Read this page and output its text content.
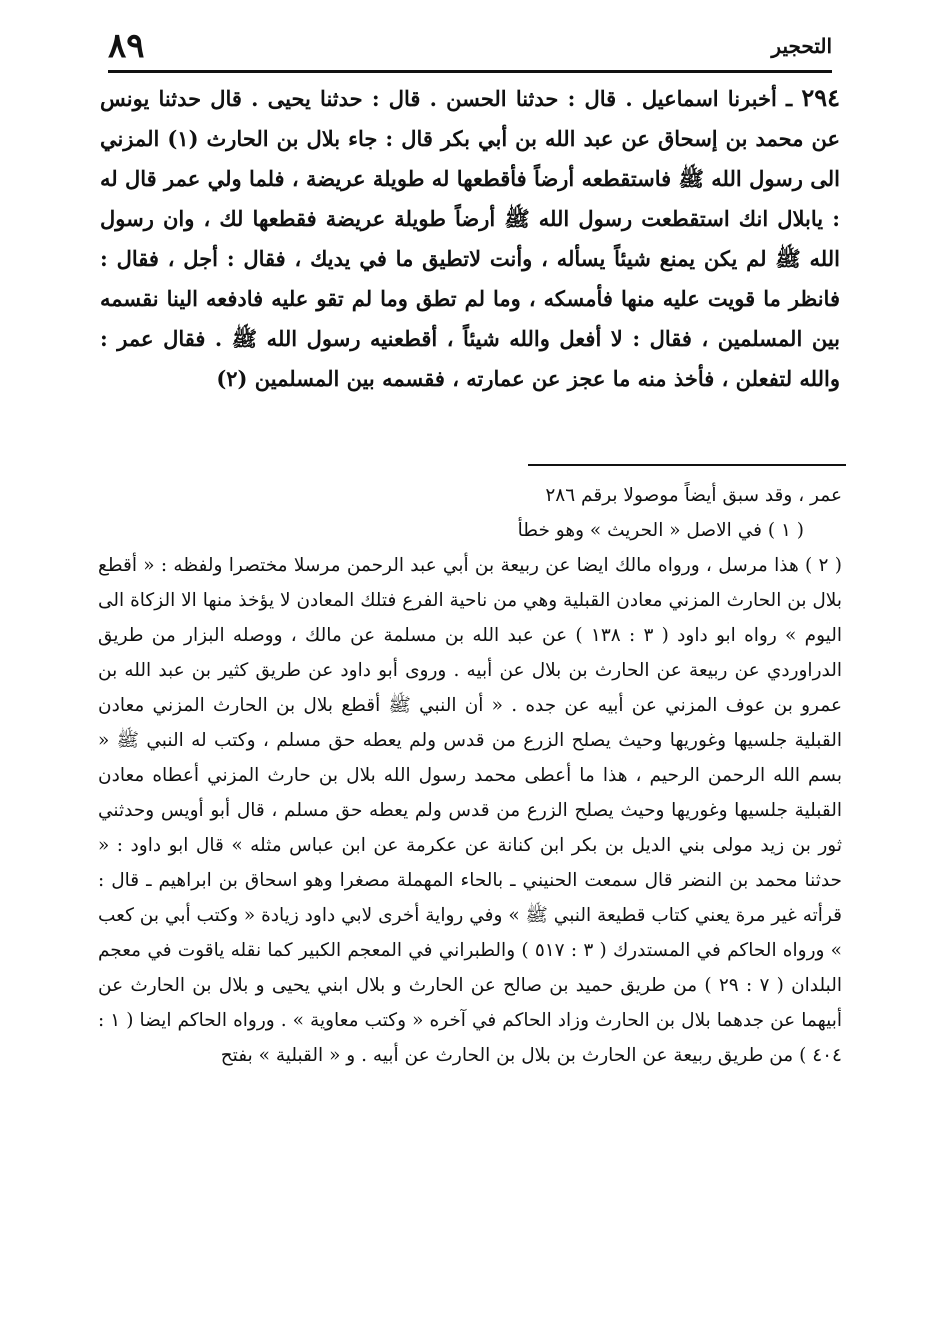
٨٩	التحجير

٢٩٤ ـ أخبرنا اسماعيل . قال : حدثنا الحسن . قال : حدثنا يحيى . قال حدثنا يونس عن محمد بن إسحاق عن عبد الله بن أبي بكر قال : جاء بلال بن الحارث (١) المزني الى رسول الله ﷺ فاستقطعه أرضاً فأقطعها له طويلة عريضة ، فلما ولي عمر قال له : يابلال انك استقطعت رسول الله ﷺ أرضاً طويلة عريضة فقطعها لك ، وان رسول الله ﷺ لم يكن يمنع شيئاً يسأله ، وأنت لاتطيق ما في يديك ، فقال : أجل ، فقال : فانظر ما قويت عليه منها فأمسكه ، وما لم تطق وما لم تقو عليه فادفعه الينا نقسمه بين المسلمين ، فقال : لا أفعل والله شيئاً ، أقطعنيه رسول الله ﷺ . فقال عمر : والله لتفعلن ، فأخذ منه ما عجز عن عمارته ، فقسمه بين المسلمين (٢)

عمر ، وقد سبق أيضاً موصولا برقم ٢٨٦

( ١ ) في الاصل « الحريث » وهو خطأ

( ٢ ) هذا مرسل ، ورواه مالك ايضا عن ربيعة بن أبي عبد الرحمن مرسلا مختصرا ولفظه : « أقطع بلال بن الحارث المزني معادن القبلية وهي من ناحية الفرع فتلك المعادن لا يؤخذ منها الا الزكاة الى اليوم » رواه ابو داود ( ٣ : ١٣٨ ) عن عبد الله بن مسلمة عن مالك ، ووصله البزار من طريق الدراوردي عن ربيعة عن الحارث بن بلال عن أبيه . وروى أبو داود عن طريق كثير بن عبد الله بن عمرو بن عوف المزني عن أبيه عن جده . « أن النبي ﷺ أقطع بلال بن الحارث المزني معادن القبلية جلسيها وغوريها وحيث يصلح الزرع من قدس ولم يعطه حق مسلم ، وكتب له النبي ﷺ « بسم الله الرحمن الرحيم ، هذا ما أعطى محمد رسول الله بلال بن حارث المزني أعطاه معادن القبلية جلسيها وغوريها وحيث يصلح الزرع من قدس ولم يعطه حق مسلم ، قال أبو أويس وحدثني ثور بن زيد مولى بني الديل بن بكر ابن كنانة عن عكرمة عن ابن عباس مثله » قال ابو داود : « حدثنا محمد بن النضر قال سمعت الحنيني ـ بالحاء المهملة مصغرا وهو اسحاق بن ابراهيم ـ قال : قرأته غير مرة يعني كتاب قطيعة النبي ﷺ » وفي رواية أخرى لابي داود زيادة « وكتب أبي بن كعب » ورواه الحاكم في المستدرك ( ٣ : ٥١٧ ) والطبراني في المعجم الكبير كما نقله ياقوت في معجم البلدان ( ٧ : ٢٩ ) من طريق حميد بن صالح عن الحارث و بلال ابني يحيى و بلال بن الحارث عن أبيهما عن جدهما بلال بن الحارث وزاد الحاكم في آخره « وكتب معاوية » . ورواه الحاكم ايضا ( ١ : ٤٠٤ ) من طريق ربيعة عن الحارث بن بلال بن الحارث عن أبيه . و « القبلية » بفتح
